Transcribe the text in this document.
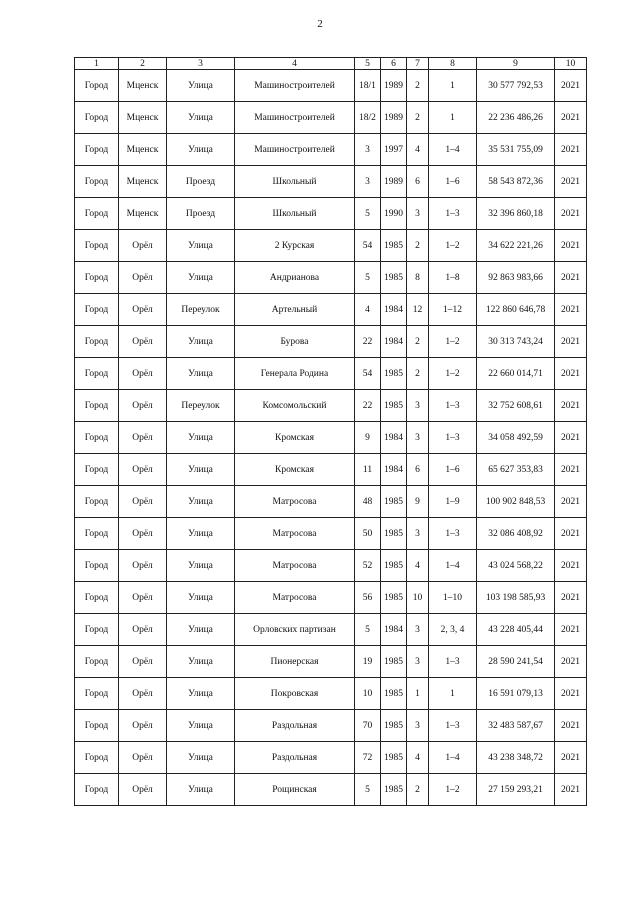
2
1	2	3	4	5	6	7	8	9	10
Город	Мценск	Улица	Машиностроителей	18/1	1989	2	1	30 577 792,53	2021
Город	Мценск	Улица	Машиностроителей	18/2	1989	2	1	22 236 486,26	2021
Город	Мценск	Улица	Машиностроителей	3	1997	4	1–4	35 531 755,09	2021
Город	Мценск	Проезд	Школьный	3	1989	6	1–6	58 543 872,36	2021
Город	Мценск	Проезд	Школьный	5	1990	3	1–3	32 396 860,18	2021
Город	Орёл	Улица	2 Курская	54	1985	2	1–2	34 622 221,26	2021
Город	Орёл	Улица	Андрианова	5	1985	8	1–8	92 863 983,66	2021
Город	Орёл	Переулок	Артельный	4	1984	12	1–12	122 860 646,78	2021
Город	Орёл	Улица	Бурова	22	1984	2	1–2	30 313 743,24	2021
Город	Орёл	Улица	Генерала Родина	54	1985	2	1–2	22 660 014,71	2021
Город	Орёл	Переулок	Комсомольский	22	1985	3	1–3	32 752 608,61	2021
Город	Орёл	Улица	Кромская	9	1984	3	1–3	34 058 492,59	2021
Город	Орёл	Улица	Кромская	11	1984	6	1–6	65 627 353,83	2021
Город	Орёл	Улица	Матросова	48	1985	9	1–9	100 902 848,53	2021
Город	Орёл	Улица	Матросова	50	1985	3	1–3	32 086 408,92	2021
Город	Орёл	Улица	Матросова	52	1985	4	1–4	43 024 568,22	2021
Город	Орёл	Улица	Матросова	56	1985	10	1–10	103 198 585,93	2021
Город	Орёл	Улица	Орловских партизан	5	1984	3	2, 3, 4	43 228 405,44	2021
Город	Орёл	Улица	Пионерская	19	1985	3	1–3	28 590 241,54	2021
Город	Орёл	Улица	Покровская	10	1985	1	1	16 591 079,13	2021
Город	Орёл	Улица	Раздольная	70	1985	3	1–3	32 483 587,67	2021
Город	Орёл	Улица	Раздольная	72	1985	4	1–4	43 238 348,72	2021
Город	Орёл	Улица	Рощинская	5	1985	2	1–2	27 159 293,21	2021
